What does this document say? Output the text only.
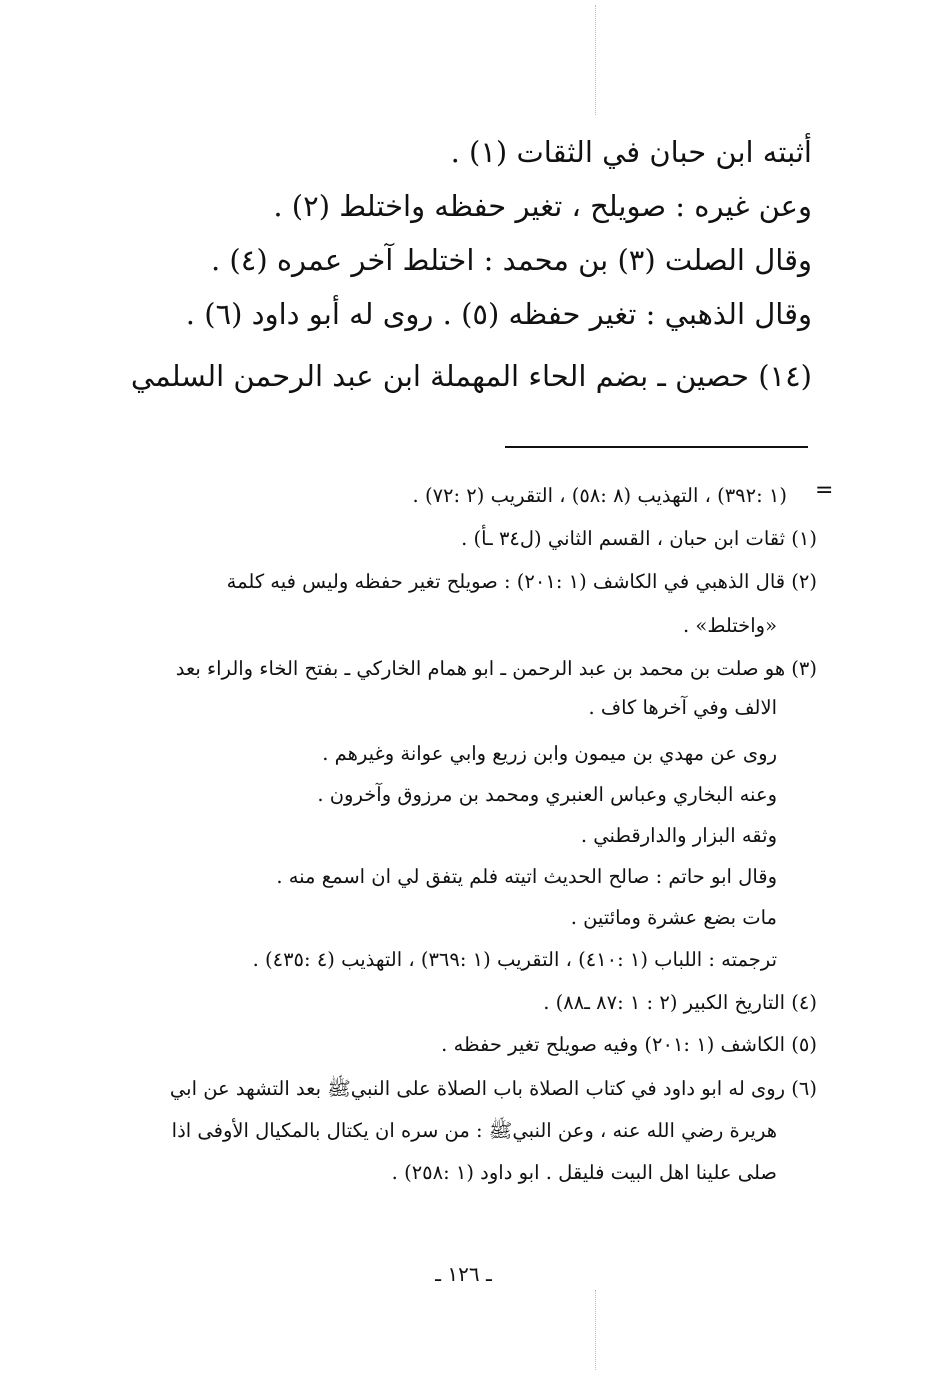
أثبته ابن حبان في الثقات (١) .
وعن غيره : صويلح ، تغير حفظه واختلط (٢) .
وقال الصلت (٣) بن محمد : اختلط آخر عمره (٤) .
وقال الذهبي : تغير حفظه (٥) . روى له أبو داود (٦) .
(١٤) حصين ـ بضم الحاء المهملة ابن عبد الرحمن السلمي
=
(١ :٣٩٢) ، التهذيب (٨ :٥٨) ، التقريب (٢ :٧٢) .
(١) ثقات ابن حبان ، القسم الثاني (ل٣٤ ـأ) .
(٢) قال الذهبي في الكاشف (١ :٢٠١) : صويلح تغير حفظه وليس فيه كلمة
«واختلط» .
(٣) هو صلت بن محمد بن عبد الرحمن ـ ابو همام الخاركي ـ بفتح الخاء والراء بعد
الالف وفي آخرها كاف .
روى عن مهدي بن ميمون وابن زريع وابي عوانة وغيرهم .
وعنه البخاري وعباس العنبري ومحمد بن مرزوق وآخرون .
وثقه البزار والدارقطني .
وقال ابو حاتم : صالح الحديث اتيته فلم يتفق لي ان اسمع منه .
مات بضع عشرة ومائتين .
ترجمته : اللباب (١ :٤١٠) ، التقريب (١ :٣٦٩) ، التهذيب (٤ :٤٣٥) .
(٤) التاريخ الكبير (٢ : ١ :٨٧ ـ٨٨) .
(٥) الكاشف (١ :٢٠١) وفيه صويلح تغير حفظه .
(٦) روى له ابو داود في كتاب الصلاة باب الصلاة على النبيﷺ بعد التشهد عن ابي
هريرة رضي الله عنه ، وعن النبيﷺ : من سره ان يكتال بالمكيال الأوفى اذا
صلى علينا اهل البيت فليقل . ابو داود (١ :٢٥٨) .
ـ ١٢٦ ـ
